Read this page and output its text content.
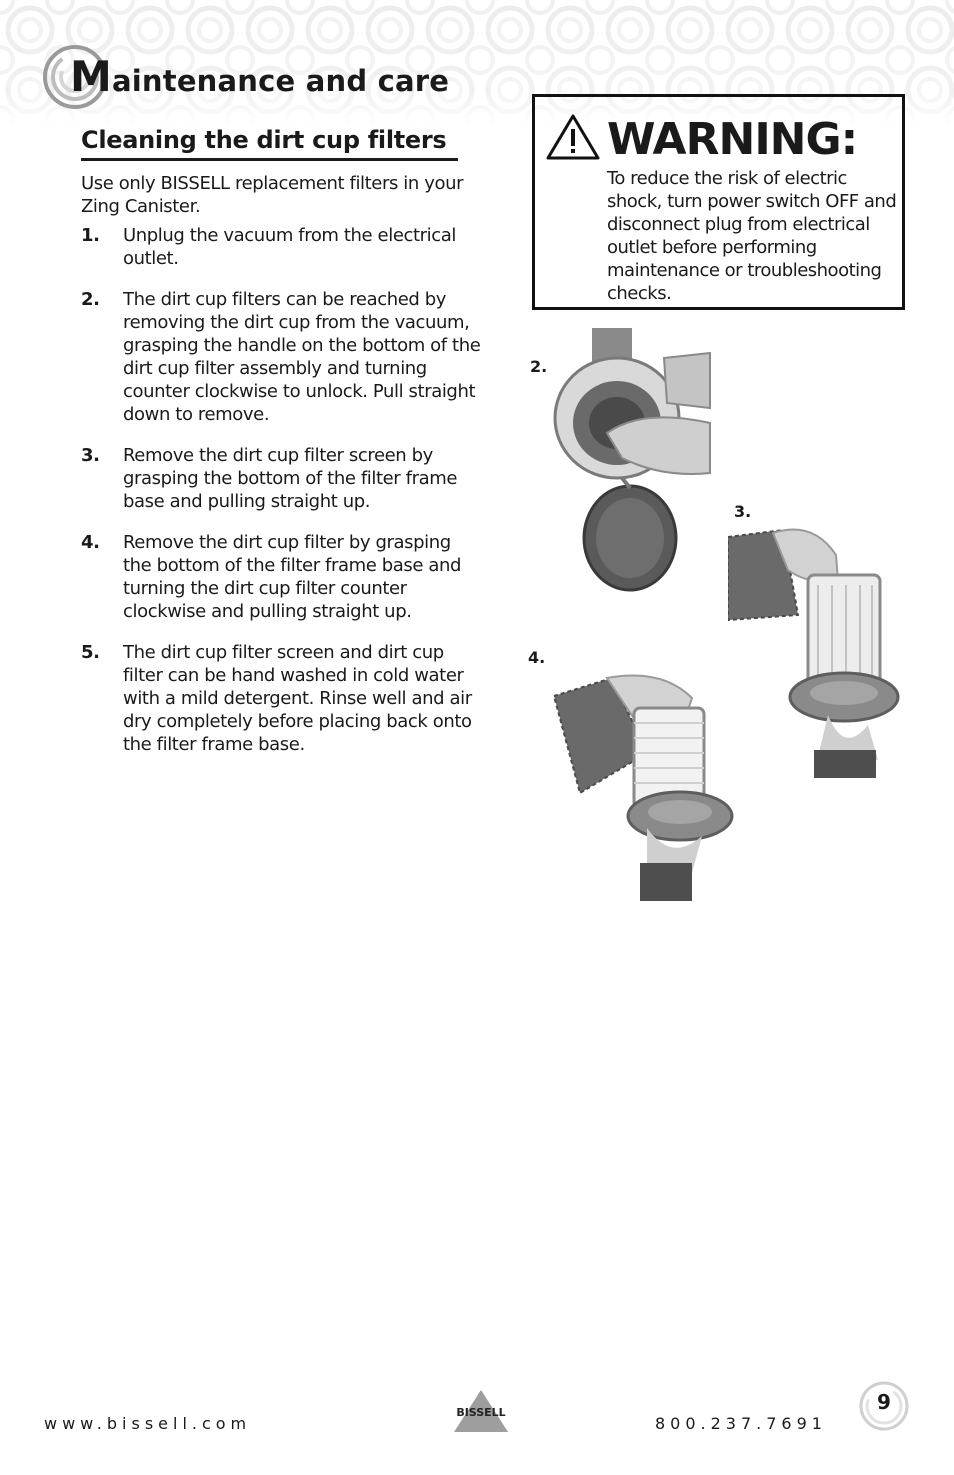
Maintenance and care
Cleaning the dirt cup filters

Use only BISSELL replacement filters in your Zing Canister.

1.	Unplug the vacuum from the electrical outlet.
2.	The dirt cup filters can be reached by removing the dirt cup from the vacuum, grasping the handle on the bottom of the dirt cup filter assembly and turning counter clockwise to unlock. Pull straight down to remove.
3.	Remove the dirt cup filter screen by grasping the bottom of the filter frame base and pulling straight up.
4.	Remove the dirt cup filter by grasping the bottom of the filter frame base and turning the dirt cup filter counter clockwise and pulling straight up.
5.	The dirt cup filter screen and dirt cup filter can be hand washed in cold water with a mild detergent. Rinse well and air dry completely before placing back onto the filter frame base.
WARNING:

To reduce the risk of electric shock, turn power switch OFF and disconnect plug from electrical outlet before performing maintenance or troubleshooting checks.

2.
3.
4.
www.bissell.com
BISSELL
800.237.7691
9
